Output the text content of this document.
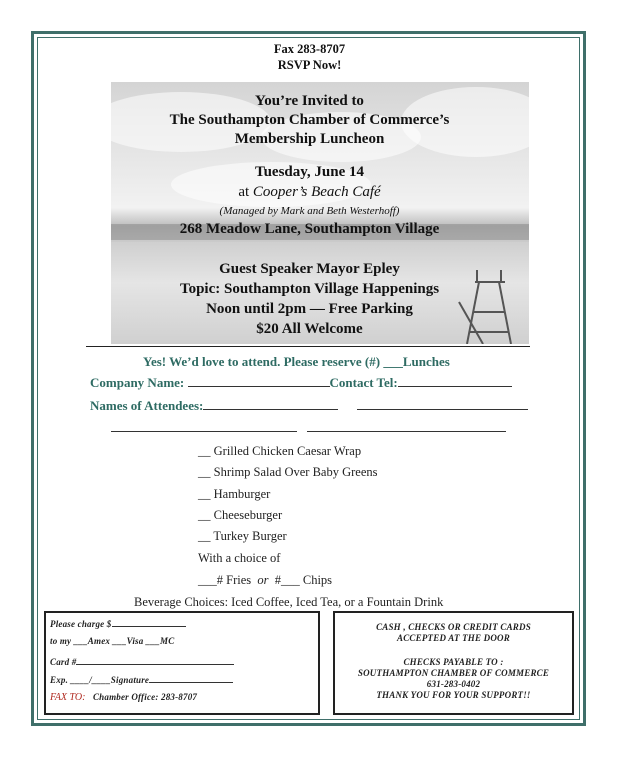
Fax 283-8707
RSVP Now!
You’re Invited to
The Southampton Chamber of Commerce’s
Membership Luncheon
Tuesday, June 14
at Cooper’s Beach Café
(Managed by Mark and Beth Westerhoff)
268 Meadow Lane, Southampton Village
Guest Speaker Mayor Epley
Topic: Southampton Village Happenings
Noon until 2pm — Free Parking
$20 All Welcome
Yes! We’d love to attend. Please reserve (#) ___Lunches
Company Name:	Contact Tel:
Names of Attendees:
__ Grilled Chicken Caesar Wrap
__ Shrimp Salad Over Baby Greens
__ Hamburger
__ Cheeseburger
__ Turkey Burger
With a choice of
___# Fries or #___ Chips
Beverage Choices: Iced Coffee, Iced Tea, or a Fountain Drink
Please charge $
to my ___Amex ___Visa ___MC
Card #
Exp. ____/____Signature
FAX TO: Chamber Office: 283-8707
CASH , CHECKS OR CREDIT CARDS
ACCEPTED AT THE DOOR
CHECKS PAYABLE TO :
SOUTHAMPTON CHAMBER OF COMMERCE
631-283-0402
THANK YOU FOR YOUR SUPPORT!!
